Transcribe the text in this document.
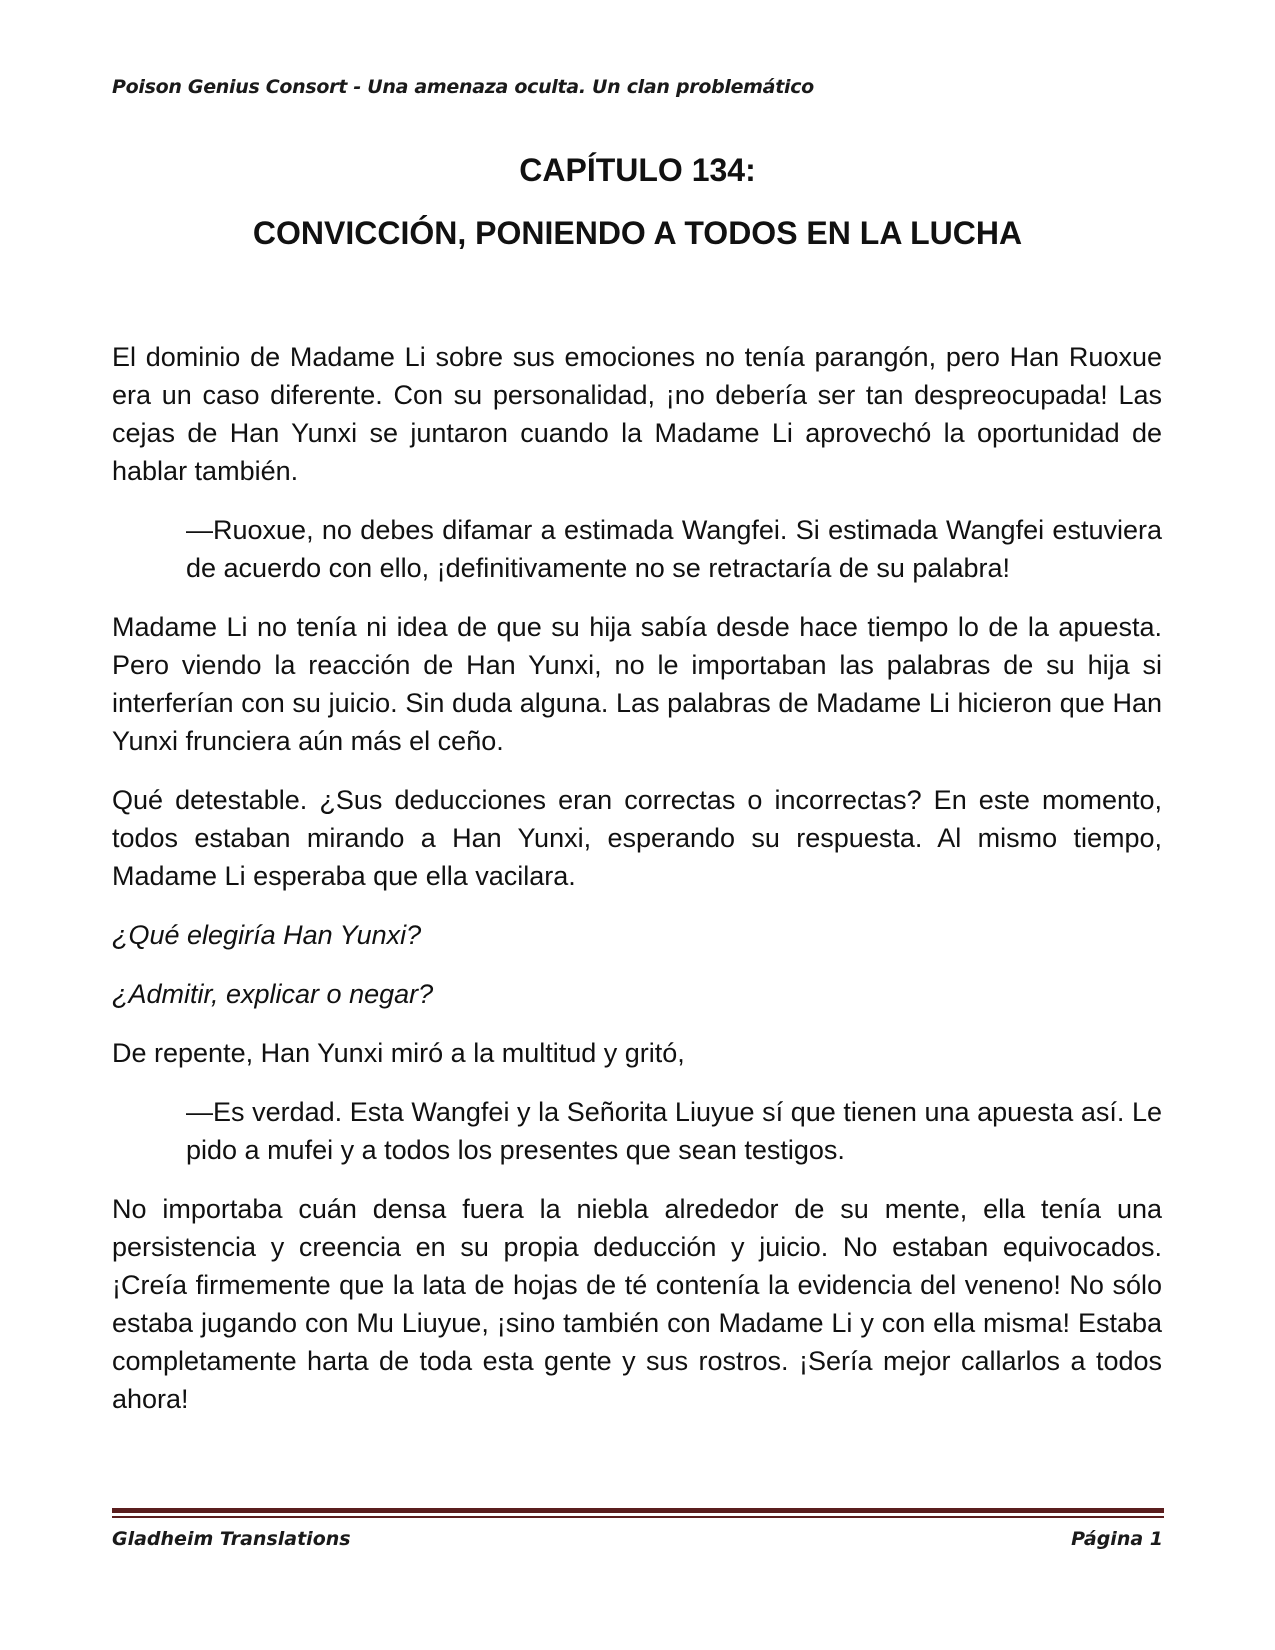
Poison Genius Consort - Una amenaza oculta. Un clan problemático
CAPÍTULO 134:
CONVICCIÓN, PONIENDO A TODOS EN LA LUCHA

El dominio de Madame Li sobre sus emociones no tenía parangón, pero Han Ruoxue era un caso diferente. Con su personalidad, ¡no debería ser tan despreocupada! Las cejas de Han Yunxi se juntaron cuando la Madame Li aprovechó la oportunidad de hablar también.

—Ruoxue, no debes difamar a estimada Wangfei. Si estimada Wangfei estuviera de acuerdo con ello, ¡definitivamente no se retractaría de su palabra!

Madame Li no tenía ni idea de que su hija sabía desde hace tiempo lo de la apuesta. Pero viendo la reacción de Han Yunxi, no le importaban las palabras de su hija si interferían con su juicio. Sin duda alguna. Las palabras de Madame Li hicieron que Han Yunxi frunciera aún más el ceño.

Qué detestable. ¿Sus deducciones eran correctas o incorrectas? En este momento, todos estaban mirando a Han Yunxi, esperando su respuesta. Al mismo tiempo, Madame Li esperaba que ella vacilara.

¿Qué elegiría Han Yunxi?

¿Admitir, explicar o negar?

De repente, Han Yunxi miró a la multitud y gritó,

—Es verdad. Esta Wangfei y la Señorita Liuyue sí que tienen una apuesta así. Le pido a mufei y a todos los presentes que sean testigos.

No importaba cuán densa fuera la niebla alrededor de su mente, ella tenía una persistencia y creencia en su propia deducción y juicio. No estaban equivocados. ¡Creía firmemente que la lata de hojas de té contenía la evidencia del veneno! No sólo estaba jugando con Mu Liuyue, ¡sino también con Madame Li y con ella misma! Estaba completamente harta de toda esta gente y sus rostros. ¡Sería mejor callarlos a todos ahora!

Gladheim Translations	Página 1
